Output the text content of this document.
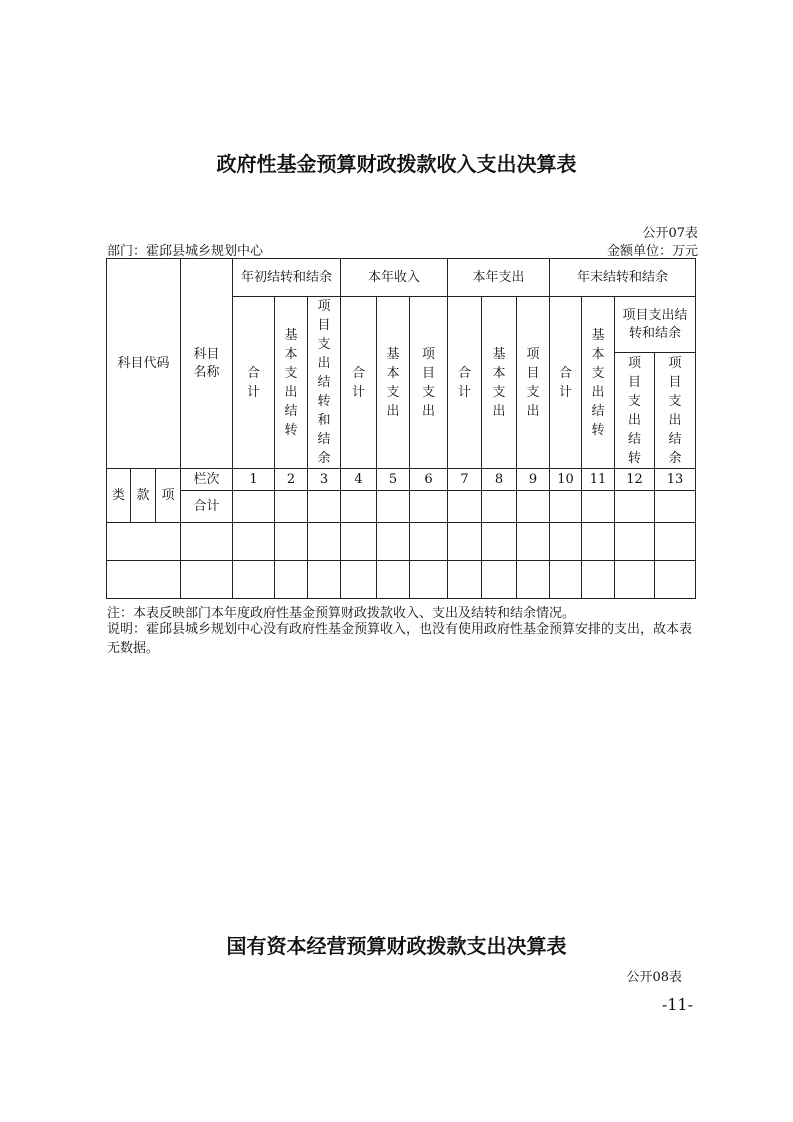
政府性基金预算财政拨款收入支出决算表
公开07表
部门：霍邱县城乡规划中心	金额单位：万元
科目代码			科目名称	年初结转和结余			本年收入			本年支出			年末结转和结余			
				合计	基本支出结转	项目支出结转和结余	合计	基本支出	项目支出	合计	基本支出	项目支出	合计	基本支出结转	项目支出结转和结余	
															项目支出结转	项目支出结余

类	款	项	栏次	1	2	3	4	5	6	7	8	9	10	11	12	13
			合计													

注：本表反映部门本年度政府性基金预算财政拨款收入、支出及结转和结余情况。
说明：霍邱县城乡规划中心没有政府性基金预算收入，也没有使用政府性基金预算安排的支出，故本表无数据。
国有资本经营预算财政拨款支出决算表
公开08表
-11-
